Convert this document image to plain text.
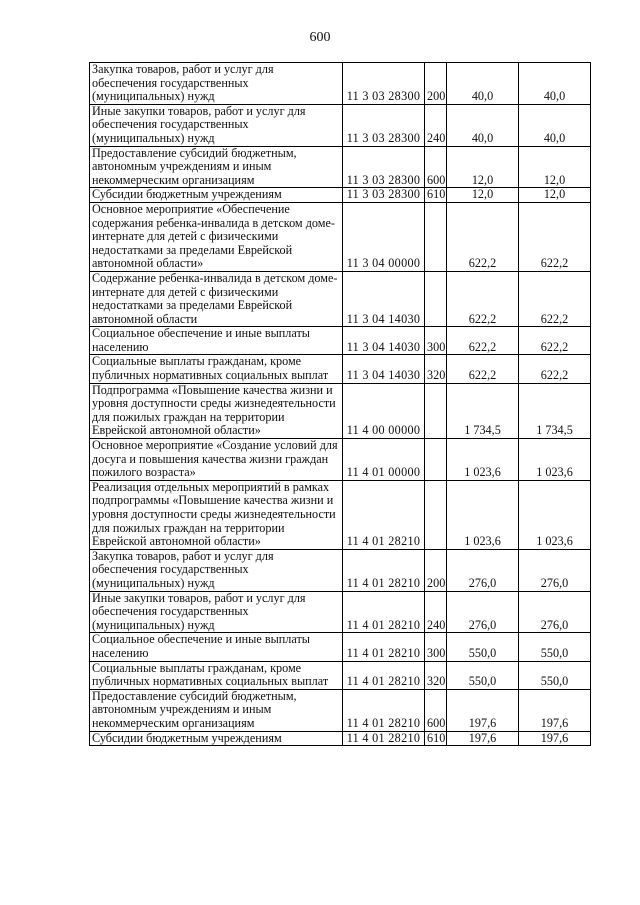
600
Закупка товаров, работ и услуг для обеспечения государственных (муниципальных) нужд	11 3 03 28300	200	40,0	40,0
Иные закупки товаров, работ и услуг для обеспечения государственных (муниципальных) нужд	11 3 03 28300	240	40,0	40,0
Предоставление субсидий бюджетным, автономным учреждениям и иным некоммерческим организациям	11 3 03 28300	600	12,0	12,0
Субсидии бюджетным учреждениям	11 3 03 28300	610	12,0	12,0
Основное мероприятие «Обеспечение содержания ребенка-инвалида в детском доме-интернате для детей с физическими недостатками за пределами Еврейской автономной области»	11 3 04 00000		622,2	622,2
Содержание ребенка-инвалида в детском доме-интернате для детей с физическими недостатками за пределами Еврейской автономной области	11 3 04 14030		622,2	622,2
Социальное обеспечение и иные выплаты населению	11 3 04 14030	300	622,2	622,2
Социальные выплаты гражданам, кроме публичных нормативных социальных выплат	11 3 04 14030	320	622,2	622,2
Подпрограмма «Повышение качества жизни и уровня доступности среды жизнедеятельности для пожилых граждан на территории Еврейской автономной области»	11 4 00 00000		1 734,5	1 734,5
Основное мероприятие «Создание условий для досуга и повышения качества жизни граждан пожилого возраста»	11 4 01 00000		1 023,6	1 023,6
Реализация отдельных мероприятий в рамках подпрограммы «Повышение качества жизни и уровня доступности среды жизнедеятельности для пожилых граждан на территории Еврейской автономной области»	11 4 01 28210		1 023,6	1 023,6
Закупка товаров, работ и услуг для обеспечения государственных (муниципальных) нужд	11 4 01 28210	200	276,0	276,0
Иные закупки товаров, работ и услуг для обеспечения государственных (муниципальных) нужд	11 4 01 28210	240	276,0	276,0
Социальное обеспечение и иные выплаты населению	11 4 01 28210	300	550,0	550,0
Социальные выплаты гражданам, кроме публичных нормативных социальных выплат	11 4 01 28210	320	550,0	550,0
Предоставление субсидий бюджетным, автономным учреждениям и иным некоммерческим организациям	11 4 01 28210	600	197,6	197,6
Субсидии бюджетным учреждениям	11 4 01 28210	610	197,6	197,6
